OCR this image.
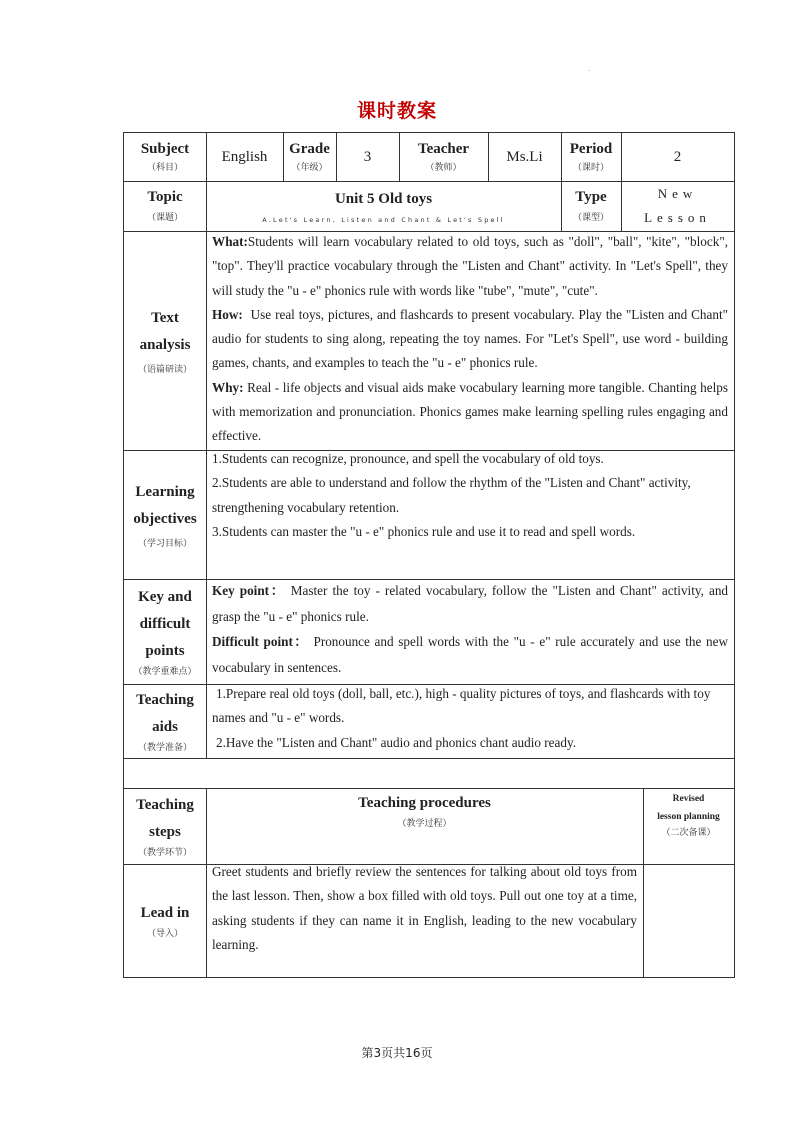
.
课时教案
Subject
（科目）
English Grade
（年级）
3	Teacher
（教师）
Ms.Li Period
（课时）
2
Topic
（课题）
Unit 5 Old toys
A.Let's Learn, Listen and Chant & Let's Spell
Type
（课型）
New
Lesson
Text
analysis
（语篇研读）

What:Students will learn vocabulary related to old toys, such as "doll", "ball", "kite", "block", "top". They'll practice vocabulary through the "Listen and Chant" activity. In "Let's Spell", they will study the "u - e" phonics rule with words like "tube", "mute", "cute".

How: Use real toys, pictures, and flashcards to present vocabulary. Play the "Listen and Chant" audio for students to sing along, repeating the toy names. For "Let's Spell", use word - building games, chants, and examples to teach the "u - e" phonics rule.

Why: Real - life objects and visual aids make vocabulary learning more tangible. Chanting helps with memorization and pronunciation. Phonics games make learning spelling rules engaging and effective.

Learning
objectives
（学习目标）

1.Students can recognize, pronounce, and spell the vocabulary of old toys.

2.Students are able to understand and follow the rhythm of the "Listen and Chant" activity, strengthening vocabulary retention.

3.Students can master the "u - e" phonics rule and use it to read and spell words.

Key and
difficult
points
（教学重难点）

Key point： Master the toy - related vocabulary, follow the "Listen and Chant" activity, and grasp the "u - e" phonics rule.

Difficult point： Pronounce and spell words with the "u - e" rule accurately and use the new vocabulary in sentences.

Teaching
aids
（教学准备）

1.Prepare real old toys (doll, ball, etc.), high - quality pictures of toys, and flashcards with toy names and "u - e" words.

2.Have the "Listen and Chant" audio and phonics chant audio ready.

Teaching
steps
（教学环节）
Teaching procedures
（教学过程）
Revised
lesson planning
（二次备课）
Lead in
（导入）

Greet students and briefly review the sentences for talking about old toys from the last lesson. Then, show a box filled with old toys. Pull out one toy at a time, asking students if they can name it in English, leading to the new vocabulary learning.

第3页共16页
